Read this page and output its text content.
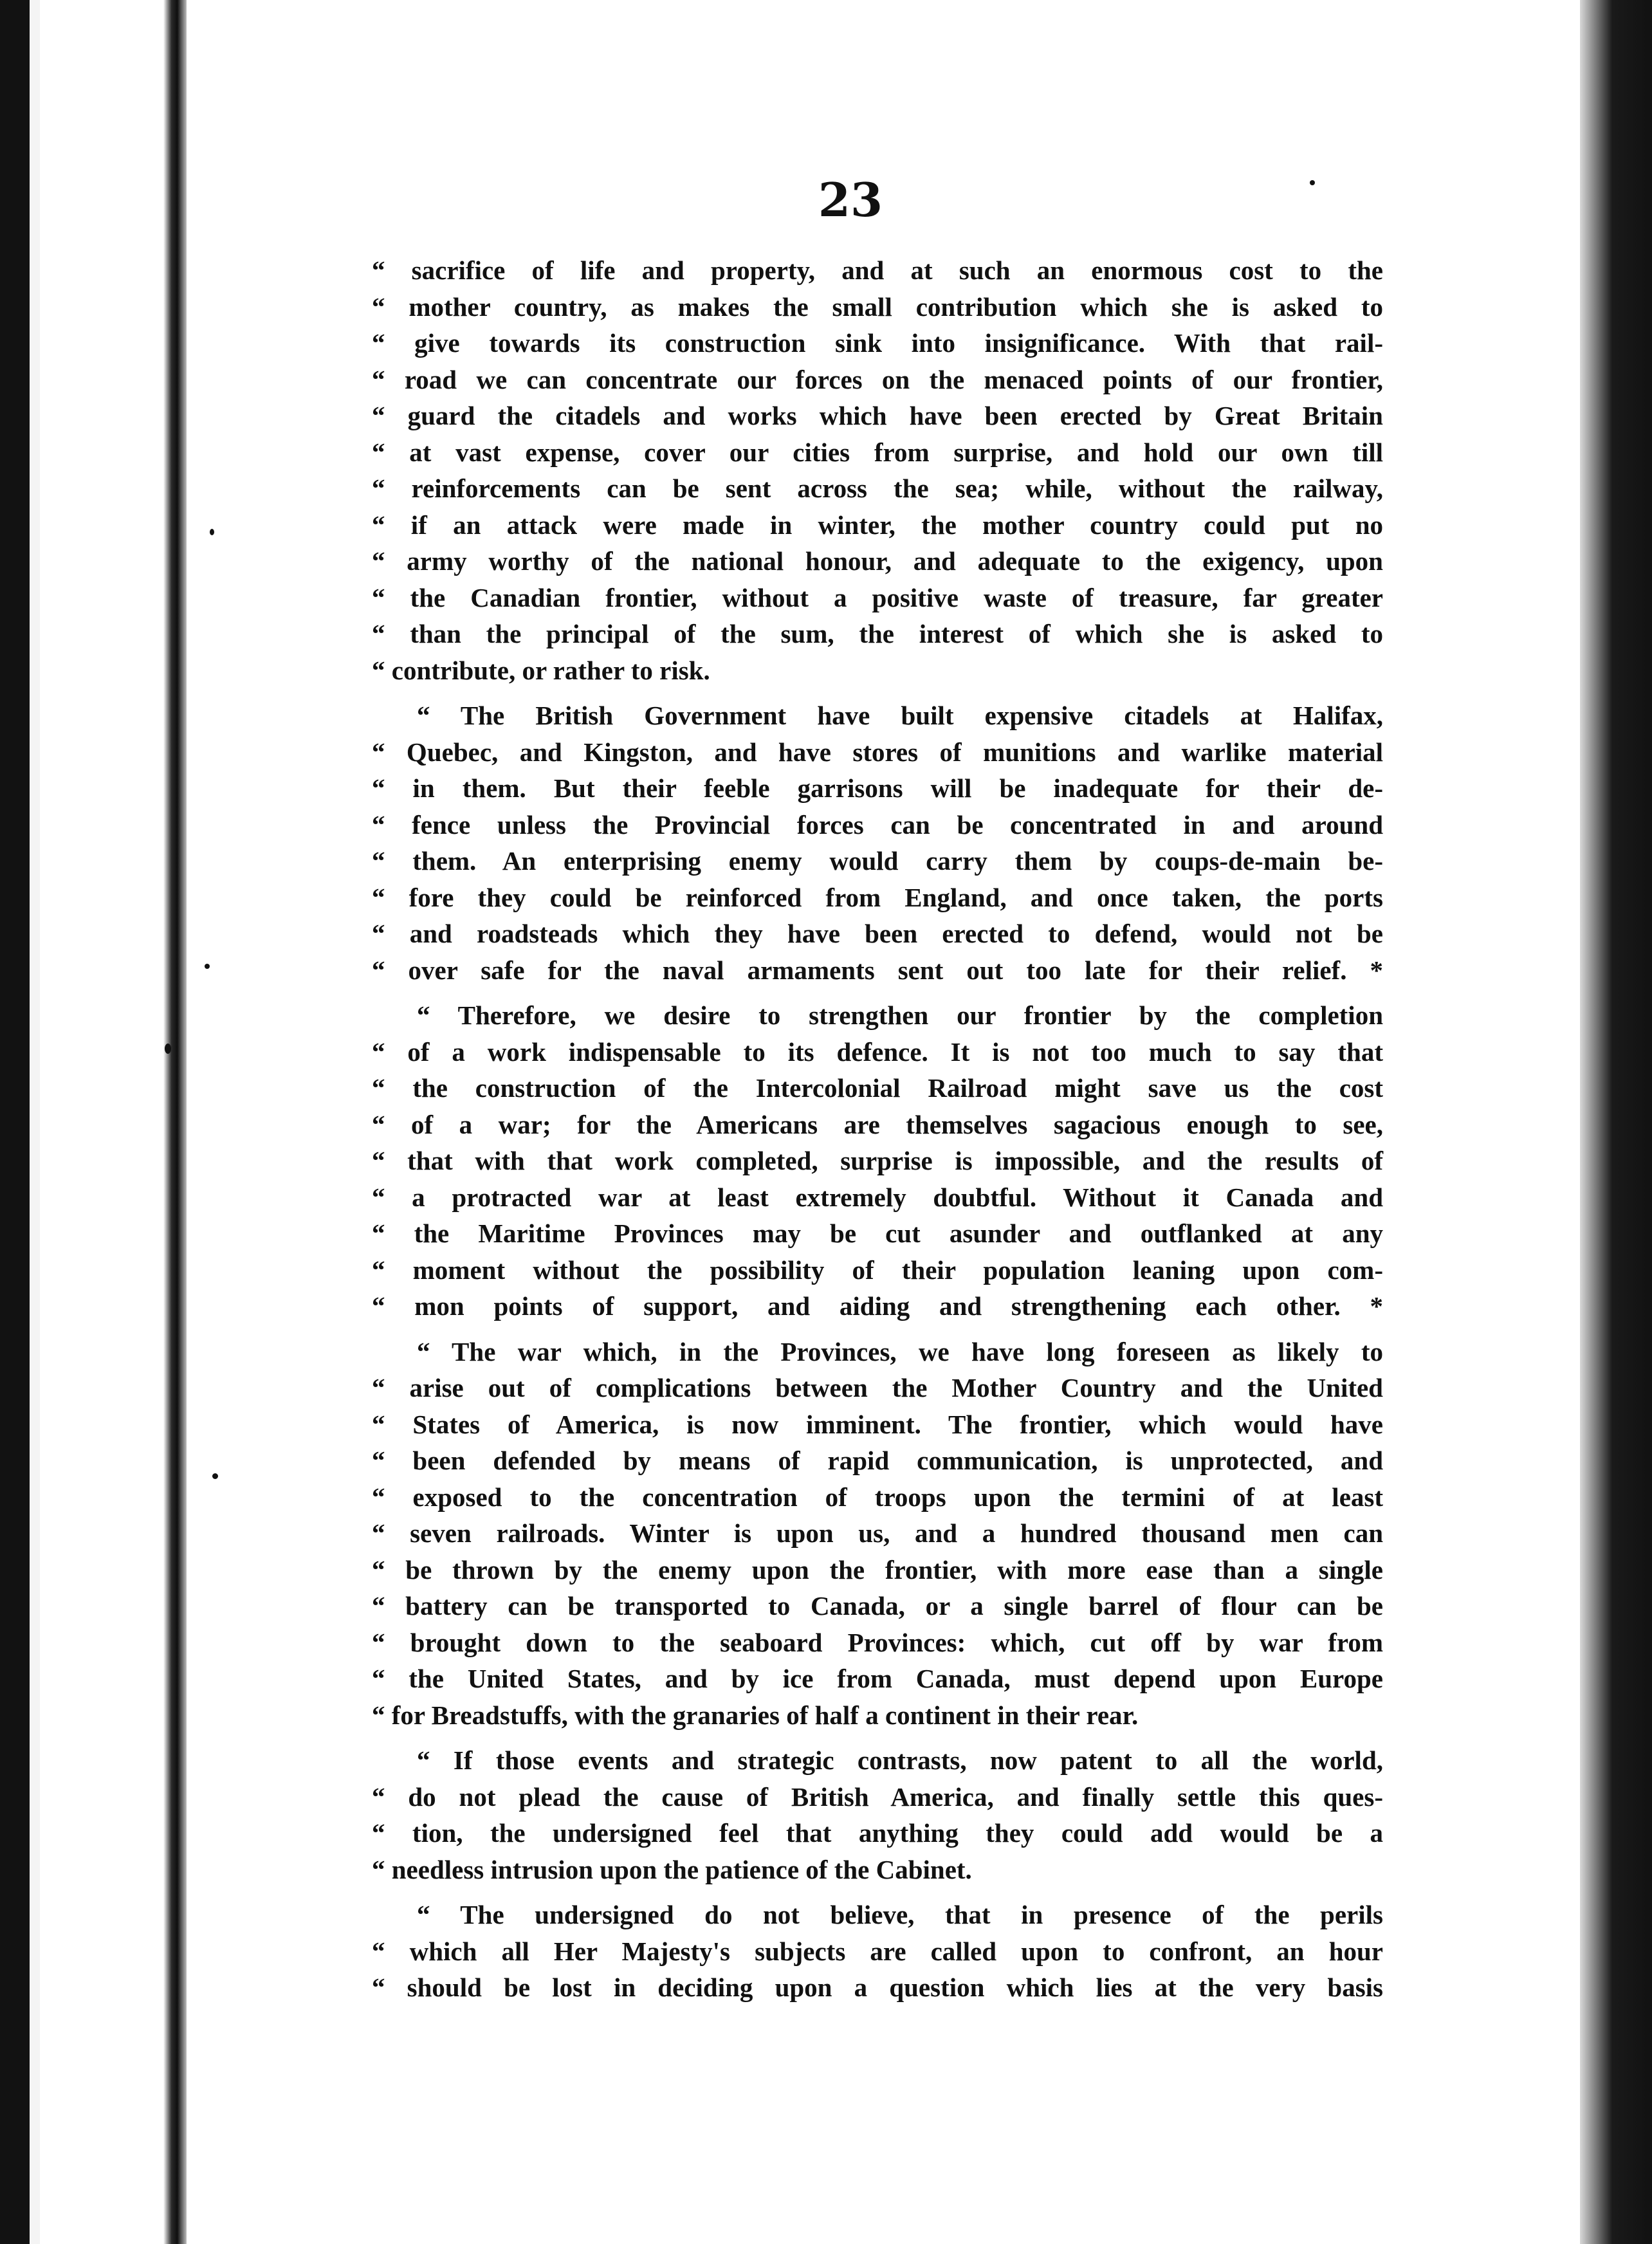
23
“ sacrifice of life and property, and at such an enormous cost to the
“ mother country, as makes the small contribution which she is asked to
“ give towards its construction sink into insignificance. With that rail-
“ road we can concentrate our forces on the menaced points of our frontier,
“ guard the citadels and works which have been erected by Great Britain
“ at vast expense, cover our cities from surprise, and hold our own till
“ reinforcements can be sent across the sea; while, without the railway,
“ if an attack were made in winter, the mother country could put no
“ army worthy of the national honour, and adequate to the exigency, upon
“ the Canadian frontier, without a positive waste of treasure, far greater
“ than the principal of the sum, the interest of which she is asked to
“ contribute, or rather to risk.
“ The British Government have built expensive citadels at Halifax,
“ Quebec, and Kingston, and have stores of munitions and warlike material
“ in them. But their feeble garrisons will be inadequate for their de-
“ fence unless the Provincial forces can be concentrated in and around
“ them. An enterprising enemy would carry them by coups-de-main be-
“ fore they could be reinforced from England, and once taken, the ports
“ and roadsteads which they have been erected to defend, would not be
“ over safe for the naval armaments sent out too late for their relief. *
“ Therefore, we desire to strengthen our frontier by the completion
“ of a work indispensable to its defence. It is not too much to say that
“ the construction of the Intercolonial Railroad might save us the cost
“ of a war; for the Americans are themselves sagacious enough to see,
“ that with that work completed, surprise is impossible, and the results of
“ a protracted war at least extremely doubtful. Without it Canada and
“ the Maritime Provinces may be cut asunder and outflanked at any
“ moment without the possibility of their population leaning upon com-
“ mon points of support, and aiding and strengthening each other. *
“ The war which, in the Provinces, we have long foreseen as likely to
“ arise out of complications between the Mother Country and the United
“ States of America, is now imminent. The frontier, which would have
“ been defended by means of rapid communication, is unprotected, and
“ exposed to the concentration of troops upon the termini of at least
“ seven railroads. Winter is upon us, and a hundred thousand men can
“ be thrown by the enemy upon the frontier, with more ease than a single
“ battery can be transported to Canada, or a single barrel of flour can be
“ brought down to the seaboard Provinces: which, cut off by war from
“ the United States, and by ice from Canada, must depend upon Europe
“ for Breadstuffs, with the granaries of half a continent in their rear.
“ If those events and strategic contrasts, now patent to all the world,
“ do not plead the cause of British America, and finally settle this ques-
“ tion, the undersigned feel that anything they could add would be a
“ needless intrusion upon the patience of the Cabinet.
“ The undersigned do not believe, that in presence of the perils
“ which all Her Majesty's subjects are called upon to confront, an hour
“ should be lost in deciding upon a question which lies at the very basis
